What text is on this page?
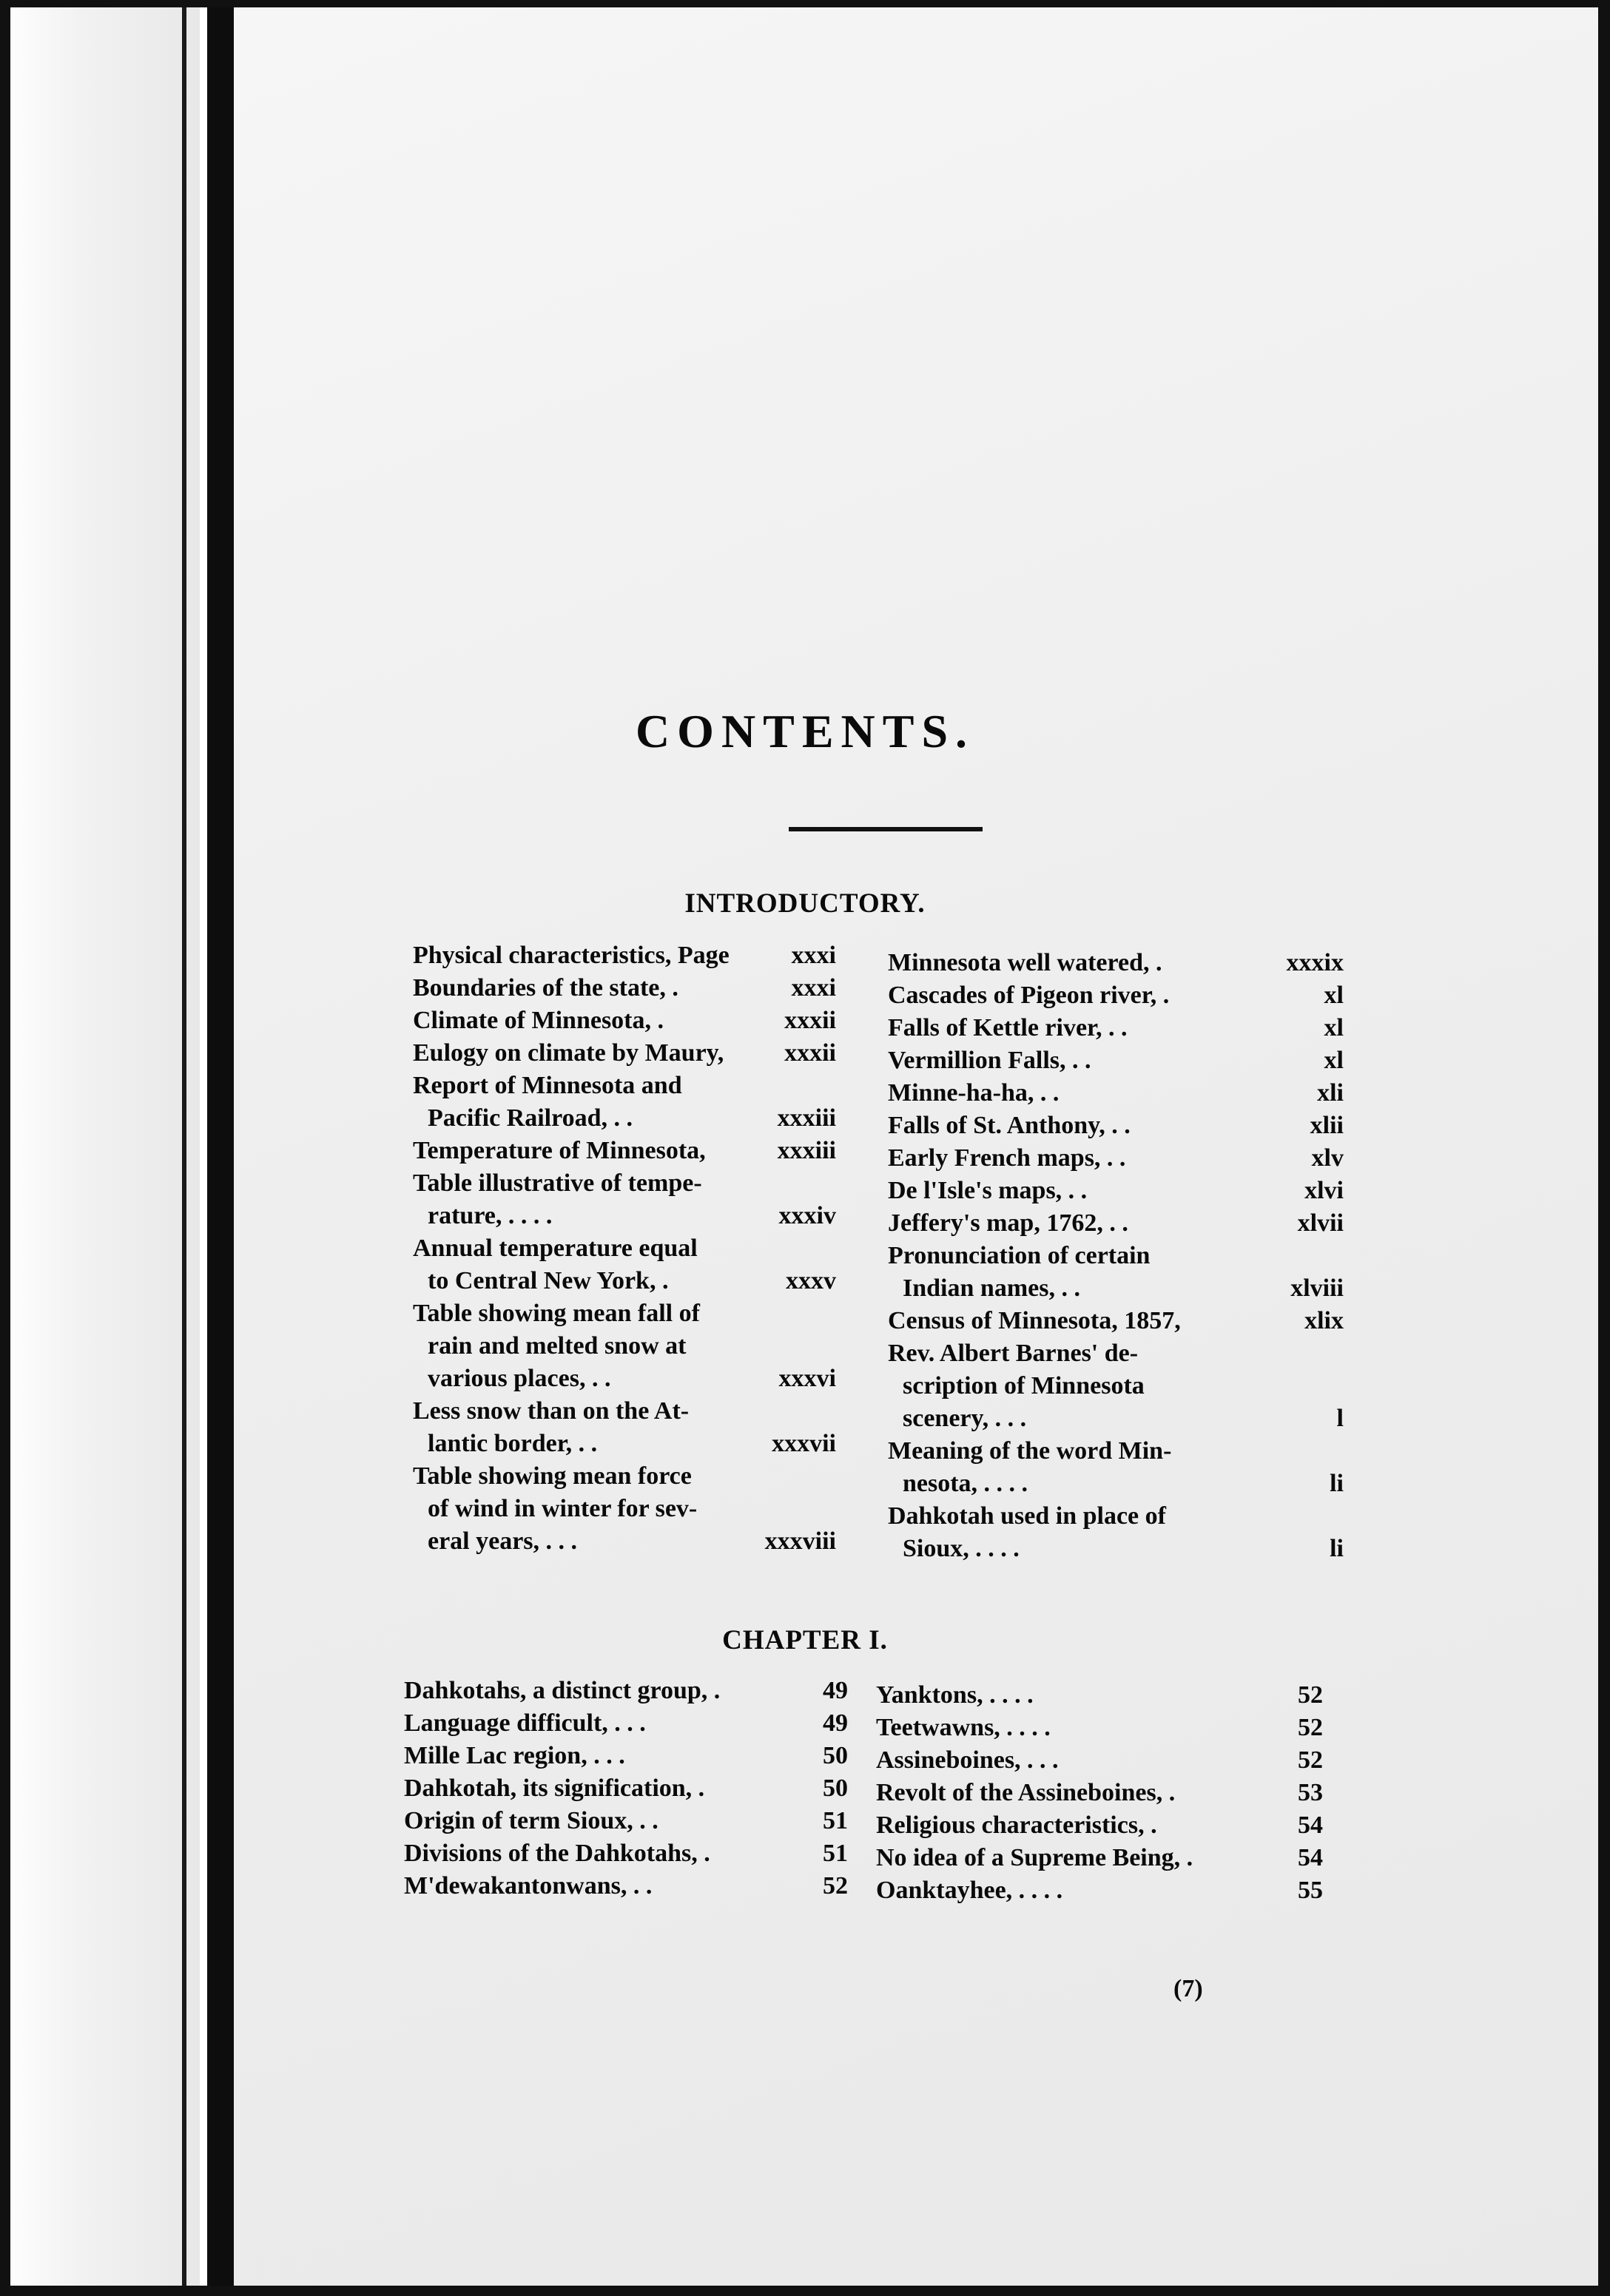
CONTENTS.
INTRODUCTORY.
Physical characteristics, Page	xxxi
Boundaries of the state, .	xxxi
Climate of Minnesota, .	xxxii
Eulogy on climate by Maury,	xxxii
Report of Minnesota and
Pacific Railroad, . .	xxxiii
Temperature of Minnesota,	xxxiii
Table illustrative of tempe-
rature, . . . .	xxxiv
Annual temperature equal
to Central New York, .	xxxv
Table showing mean fall of
rain and melted snow at
various places, . .	xxxvi
Less snow than on the At-
lantic border, . .	xxxvii
Table showing mean force
of wind in winter for sev-
eral years, . . .	xxxviii
Minnesota well watered, .	xxxix
Cascades of Pigeon river, .	xl
Falls of Kettle river, . .	xl
Vermillion Falls, . .	xl
Minne-ha-ha, . .	xli
Falls of St. Anthony, . .	xlii
Early French maps, . .	xlv
De l'Isle's maps, . .	xlvi
Jeffery's map, 1762, . .	xlvii
Pronunciation of certain
Indian names, . .	xlviii
Census of Minnesota, 1857,	xlix
Rev. Albert Barnes' de-
scription of Minnesota
scenery, . . .	l
Meaning of the word Min-
nesota, . . . .	li
Dahkotah used in place of
Sioux, . . . .	li
CHAPTER I.
Dahkotahs, a distinct group, .	49
Language difficult, . . .	49
Mille Lac region, . . .	50
Dahkotah, its signification, .	50
Origin of term Sioux, . .	51
Divisions of the Dahkotahs, .	51
M'dewakantonwans, . .	52
Yanktons, . . . .	52
Teetwawns, . . . .	52
Assineboines, . . .	52
Revolt of the Assineboines, .	53
Religious characteristics, .	54
No idea of a Supreme Being, .	54
Oanktayhee, . . . .	55
(7)
